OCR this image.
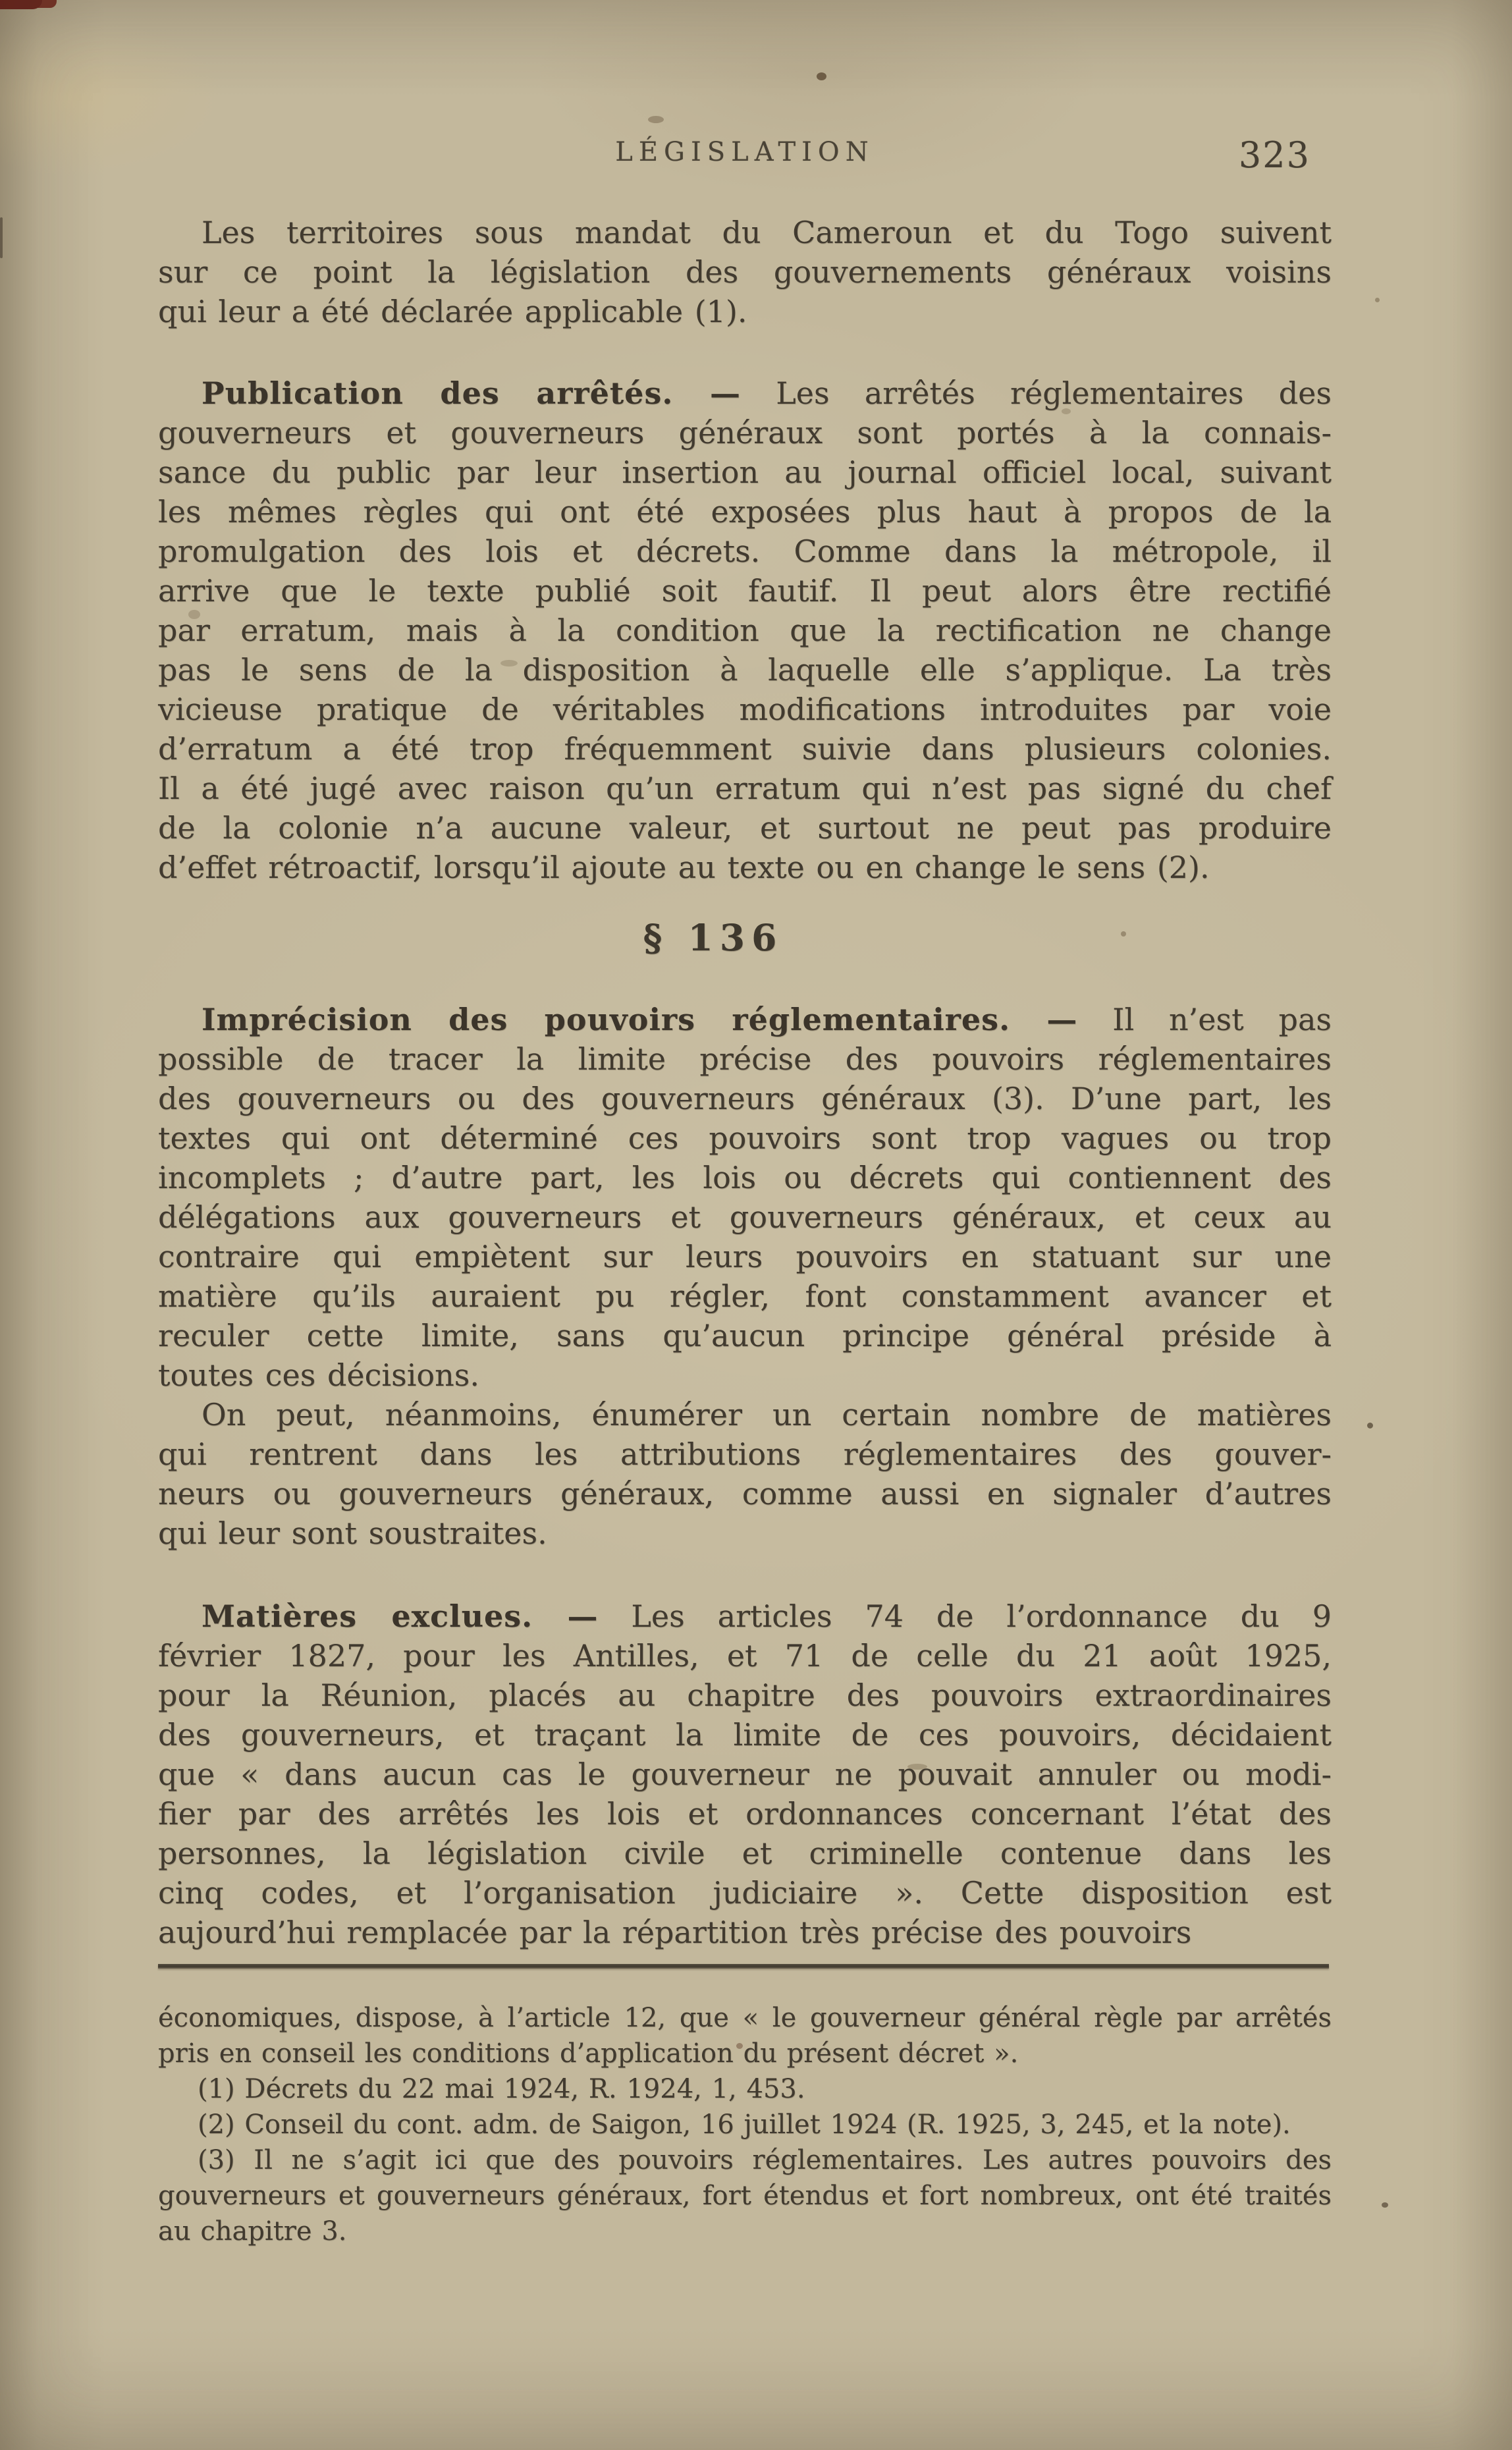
LÉGISLATION	323
Les territoires sous mandat du Cameroun et du Togo suivent
sur ce point la législation des gouvernements généraux voisins
qui leur a été déclarée applicable (1).
Publication des arrêtés. — Les arrêtés réglementaires des
gouverneurs et gouverneurs généraux sont portés à la connais-
sance du public par leur insertion au journal officiel local, suivant
les mêmes règles qui ont été exposées plus haut à propos de la
promulgation des lois et décrets. Comme dans la métropole, il
arrive que le texte publié soit fautif. Il peut alors être rectifié
par erratum, mais à la condition que la rectification ne change
pas le sens de la disposition à laquelle elle s’applique. La très
vicieuse pratique de véritables modifications introduites par voie
d’erratum a été trop fréquemment suivie dans plusieurs colonies.
Il a été jugé avec raison qu’un erratum qui n’est pas signé du chef
de la colonie n’a aucune valeur, et surtout ne peut pas produire
d’effet rétroactif, lorsqu’il ajoute au texte ou en change le sens (2).
§ 136
Imprécision des pouvoirs réglementaires. — Il n’est pas
possible de tracer la limite précise des pouvoirs réglementaires
des gouverneurs ou des gouverneurs généraux (3). D’une part, les
textes qui ont déterminé ces pouvoirs sont trop vagues ou trop
incomplets ; d’autre part, les lois ou décrets qui contiennent des
délégations aux gouverneurs et gouverneurs généraux, et ceux au
contraire qui empiètent sur leurs pouvoirs en statuant sur une
matière qu’ils auraient pu régler, font constamment avancer et
reculer cette limite, sans qu’aucun principe général préside à
toutes ces décisions.
On peut, néanmoins, énumérer un certain nombre de matières
qui rentrent dans les attributions réglementaires des gouver-
neurs ou gouverneurs généraux, comme aussi en signaler d’autres
qui leur sont soustraites.
Matières exclues. — Les articles 74 de l’ordonnance du 9
février 1827, pour les Antilles, et 71 de celle du 21 août 1925,
pour la Réunion, placés au chapitre des pouvoirs extraordinaires
des gouverneurs, et traçant la limite de ces pouvoirs, décidaient
que « dans aucun cas le gouverneur ne pouvait annuler ou modi-
fier par des arrêtés les lois et ordonnances concernant l’état des
personnes, la législation civile et criminelle contenue dans les
cinq codes, et l’organisation judiciaire ». Cette disposition est
aujourd’hui remplacée par la répartition très précise des pouvoirs
économiques, dispose, à l’article 12, que « le gouverneur général règle par arrêtés
pris en conseil les conditions d’application du présent décret ».
(1) Décrets du 22 mai 1924, R. 1924, 1, 453.
(2) Conseil du cont. adm. de Saigon, 16 juillet 1924 (R. 1925, 3, 245, et la note).
(3) Il ne s’agit ici que des pouvoirs réglementaires. Les autres pouvoirs des
gouverneurs et gouverneurs généraux, fort étendus et fort nombreux, ont été traités
au chapitre 3.
